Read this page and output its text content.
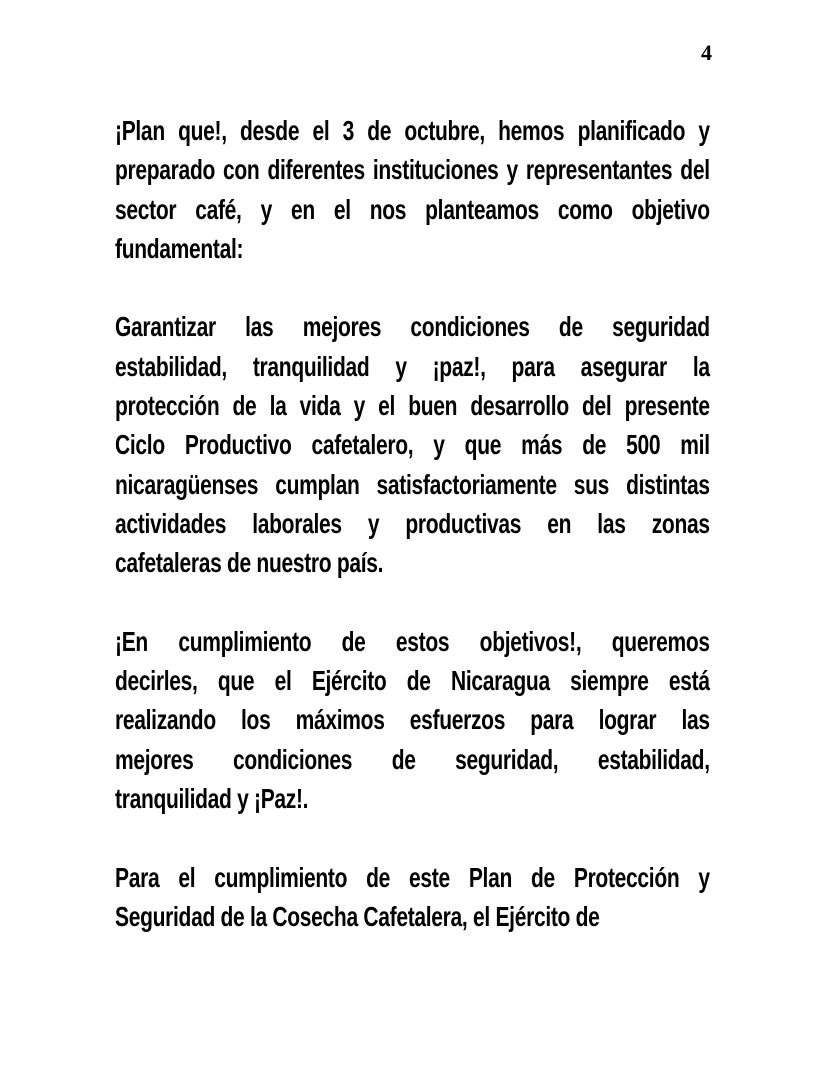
4
¡Plan que!, desde el 3 de octubre, hemos planificado y
preparado con diferentes instituciones y representantes del
sector café, y en el nos planteamos como objetivo
fundamental:
Garantizar las mejores condiciones de seguridad
estabilidad, tranquilidad y ¡paz!, para asegurar la
protección de la vida y el buen desarrollo del presente
Ciclo Productivo cafetalero, y que más de 500 mil
nicaragüenses cumplan satisfactoriamente sus distintas
actividades laborales y productivas en las zonas
cafetaleras de nuestro país.
¡En cumplimiento de estos objetivos!, queremos
decirles, que el Ejército de Nicaragua siempre está
realizando los máximos esfuerzos para lograr las
mejores condiciones de seguridad, estabilidad,
tranquilidad y ¡Paz!.
Para el cumplimiento de este Plan de Protección y
Seguridad de la Cosecha Cafetalera, el Ejército de
